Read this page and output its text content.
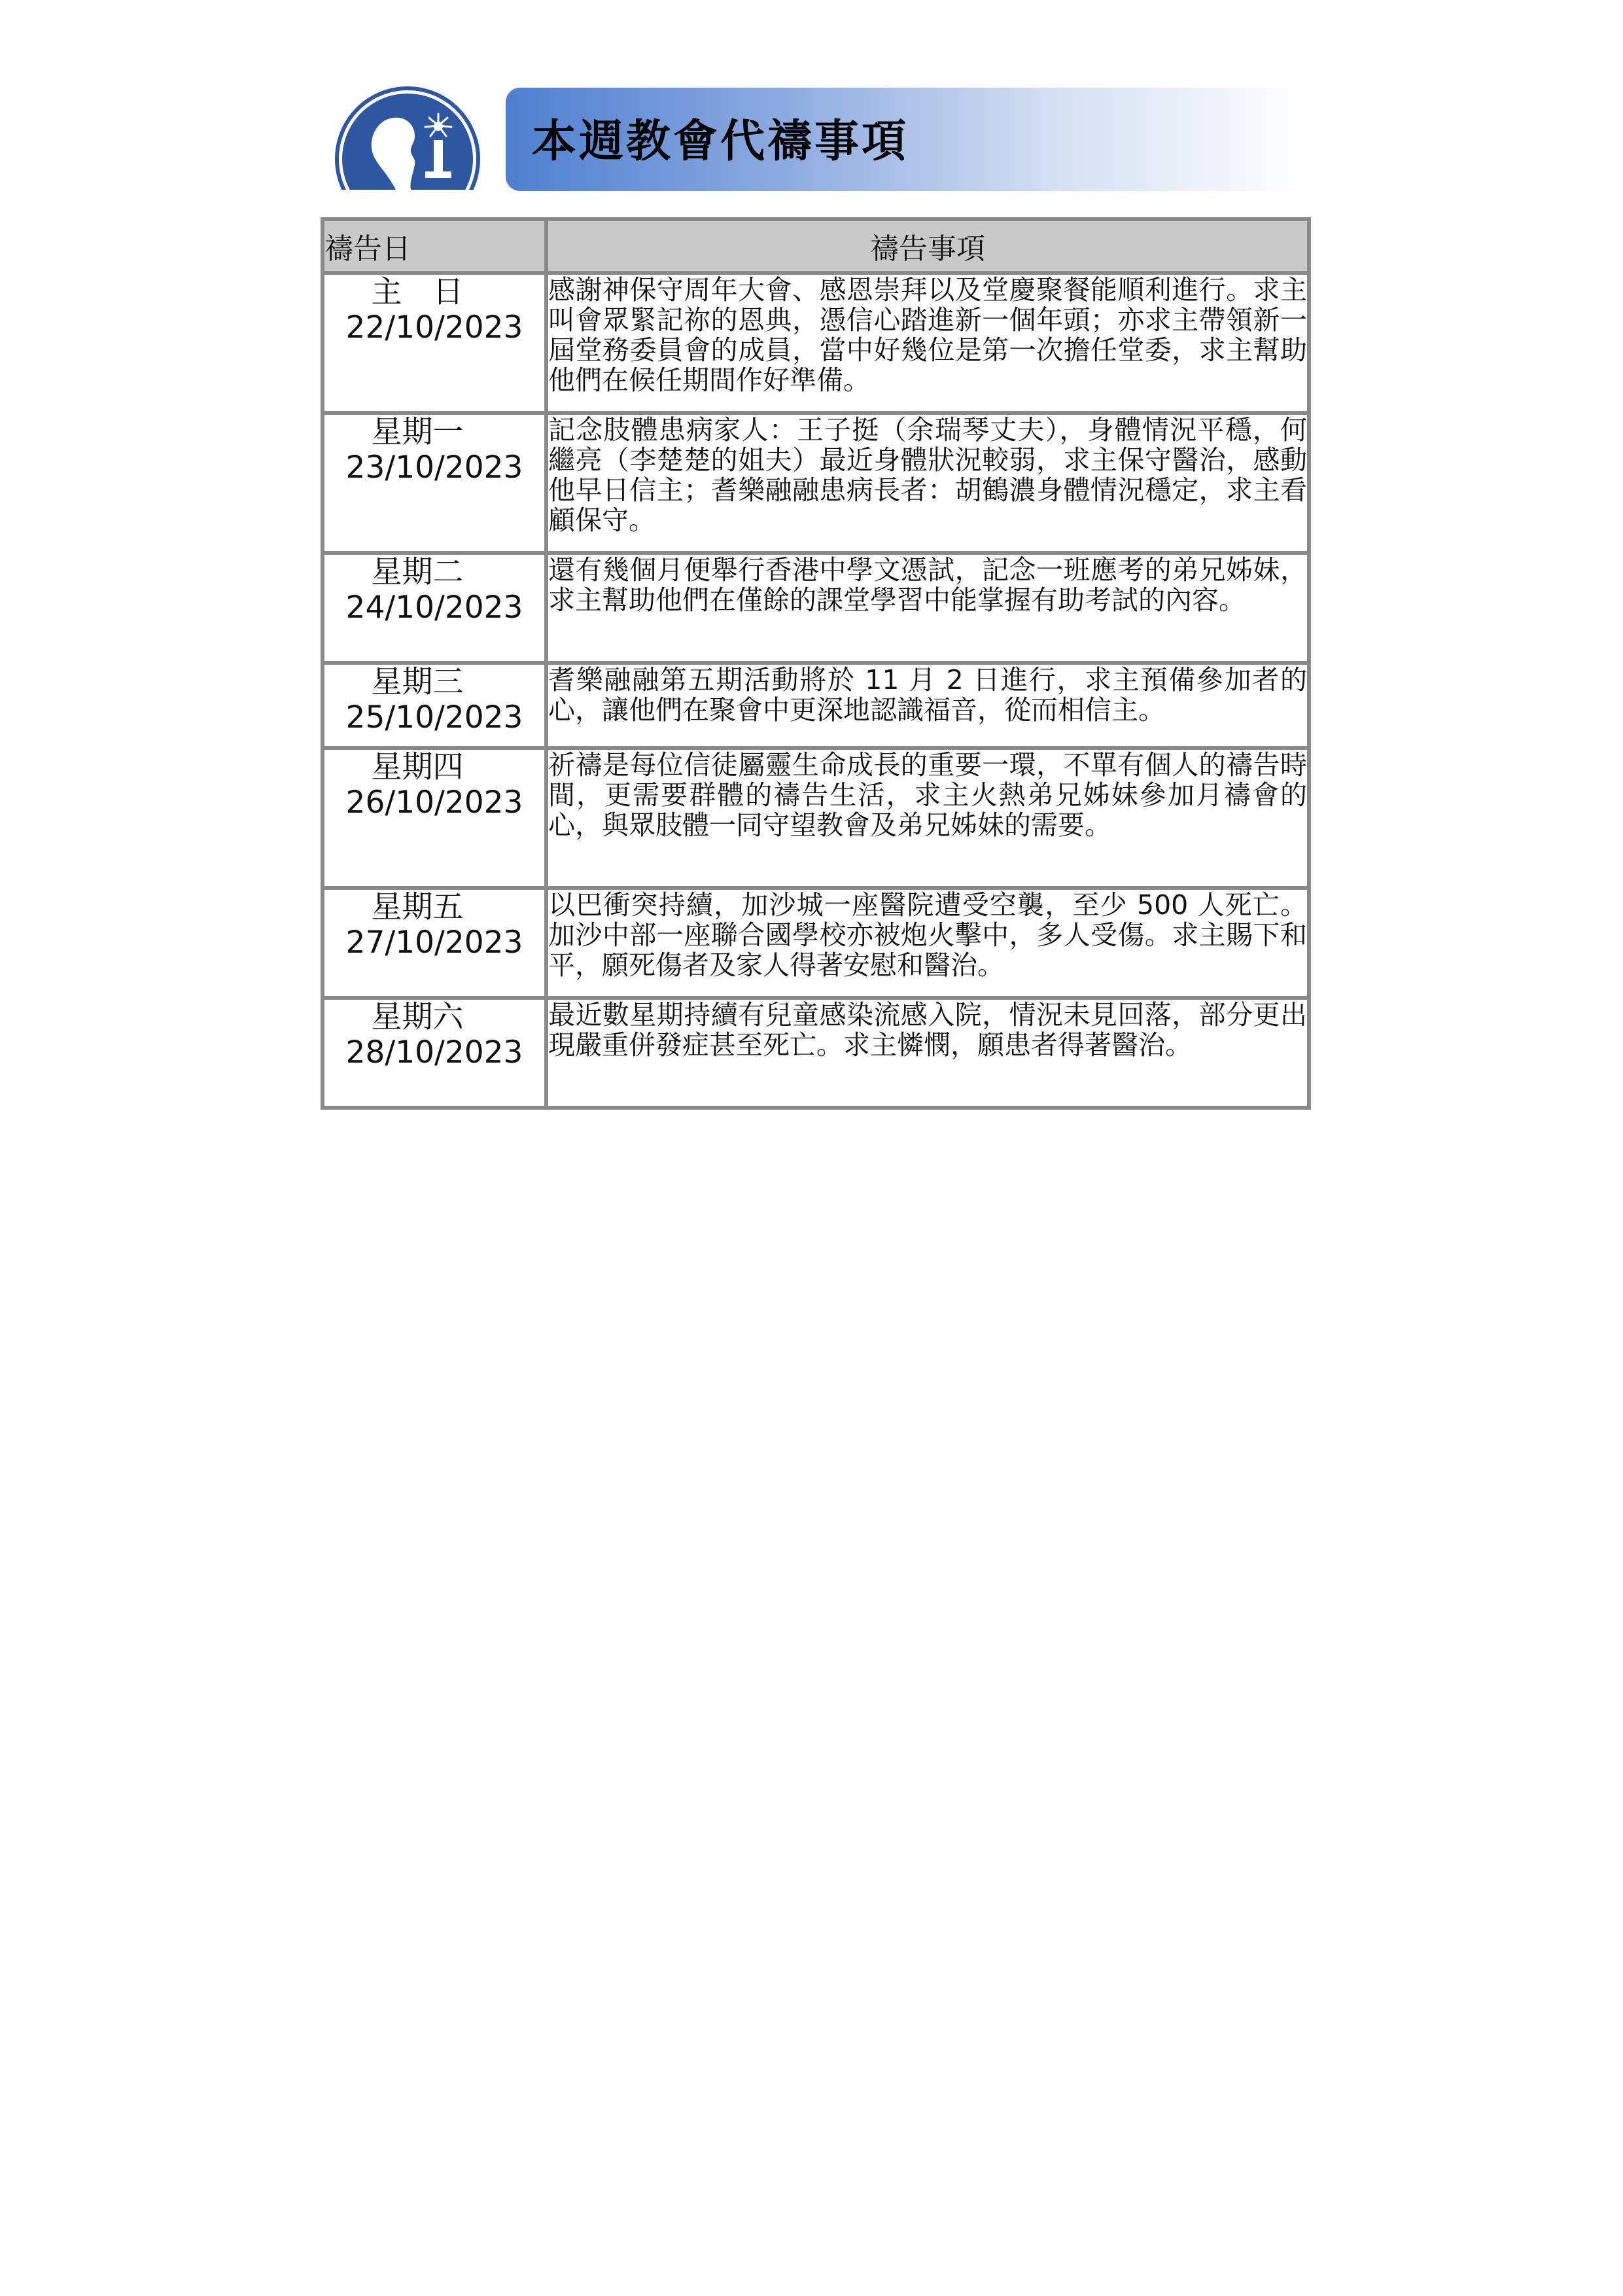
本週教會代禱事項
禱告日	禱告事項

主　日
22/10/2023	感謝神保守周年大會、感恩崇拜以及堂慶聚餐能順利進行。求主叫會眾緊記祢的恩典，憑信心踏進新一個年頭；亦求主帶領新一屆堂務委員會的成員，當中好幾位是第一次擔任堂委，求主幫助他們在候任期間作好準備。

星期一
23/10/2023	記念肢體患病家人：王子挺（余瑞琴丈夫），身體情況平穩，何繼亮（李楚楚的姐夫）最近身體狀況較弱，求主保守醫治，感動他早日信主；耆樂融融患病長者：胡鶴濃身體情況穩定，求主看顧保守。

星期二
24/10/2023	還有幾個月便舉行香港中學文憑試，記念一班應考的弟兄姊妹，求主幫助他們在僅餘的課堂學習中能掌握有助考試的內容。

星期三
25/10/2023	耆樂融融第五期活動將於 11 月 2 日進行，求主預備參加者的心，讓他們在聚會中更深地認識福音，從而相信主。

星期四
26/10/2023	祈禱是每位信徒屬靈生命成長的重要一環，不單有個人的禱告時間，更需要群體的禱告生活，求主火熱弟兄姊妹參加月禱會的心，與眾肢體一同守望教會及弟兄姊妹的需要。

星期五
27/10/2023	以巴衝突持續，加沙城一座醫院遭受空襲，至少 500 人死亡。加沙中部一座聯合國學校亦被炮火擊中，多人受傷。求主賜下和平，願死傷者及家人得著安慰和醫治。

星期六
28/10/2023	最近數星期持續有兒童感染流感入院，情況未見回落，部分更出現嚴重併發症甚至死亡。求主憐憫，願患者得著醫治。
